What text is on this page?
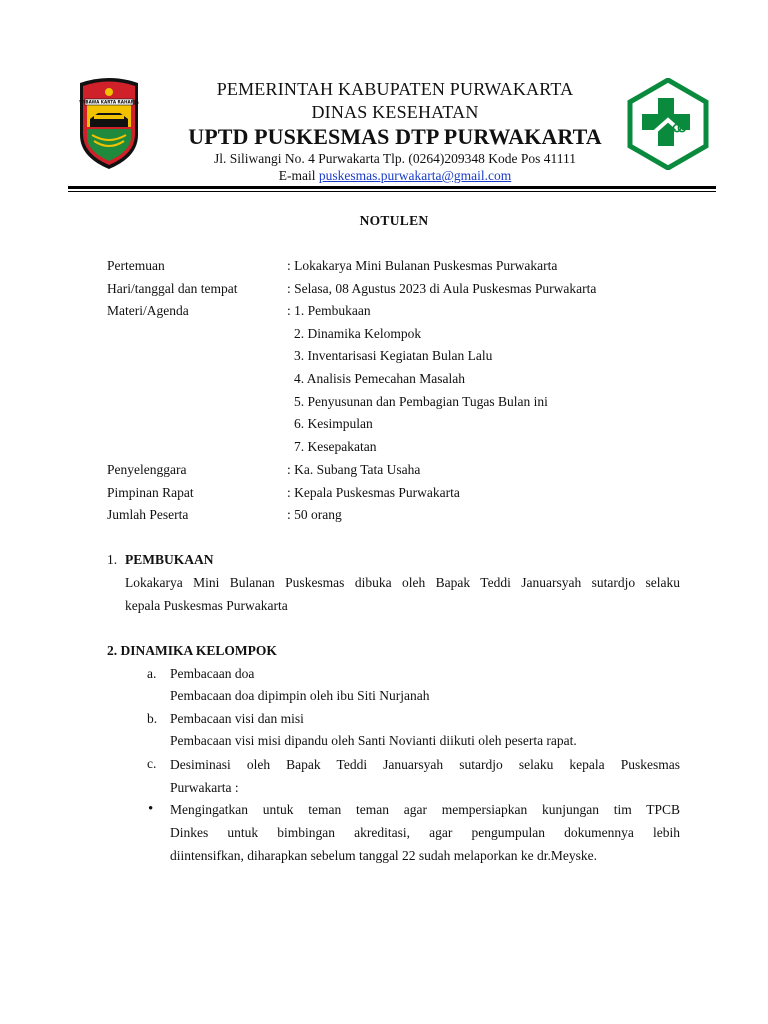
WIBAWA KARTA RAHARJA
PEMERINTAH KABUPATEN PURWAKARTA
DINAS KESEHATAN
UPTD PUSKESMAS DTP PURWAKARTA
Jl. Siliwangi No. 4 Purwakarta Tlp. (0264)209348 Kode Pos 41111
E-mail puskesmas.purwakarta@gmail.com
NOTULEN
Pertemuan	: Lokakarya Mini Bulanan Puskesmas Purwakarta
Hari/tanggal dan tempat	: Selasa, 08 Agustus 2023 di Aula Puskesmas Purwakarta
Materi/Agenda	: 1. Pembukaan
2. Dinamika Kelompok
3. Inventarisasi Kegiatan Bulan Lalu
4. Analisis Pemecahan Masalah
5. Penyusunan dan Pembagian Tugas Bulan ini
6. Kesimpulan
7. Kesepakatan
Penyelenggara	: Ka. Subang Tata Usaha
Pimpinan Rapat	: Kepala Puskesmas Purwakarta
Jumlah Peserta	: 50 orang
1. PEMBUKAAN
Lokakarya Mini Bulanan Puskesmas dibuka oleh Bapak Teddi Januarsyah sutardjo selaku
kepala Puskesmas Purwakarta
2. DINAMIKA KELOMPOK
a. Pembacaan doa
Pembacaan doa dipimpin oleh ibu Siti Nurjanah
b. Pembacaan visi dan misi
Pembacaan visi misi dipandu oleh Santi Novianti diikuti oleh peserta rapat.
c. Desiminasi oleh Bapak Teddi Januarsyah sutardjo selaku kepala Puskesmas
Purwakarta :
• Mengingatkan untuk teman teman agar mempersiapkan kunjungan tim TPCB
Dinkes untuk bimbingan akreditasi, agar pengumpulan dokumennya lebih
diintensifkan, diharapkan sebelum tanggal 22 sudah melaporkan ke dr.Meyske.
